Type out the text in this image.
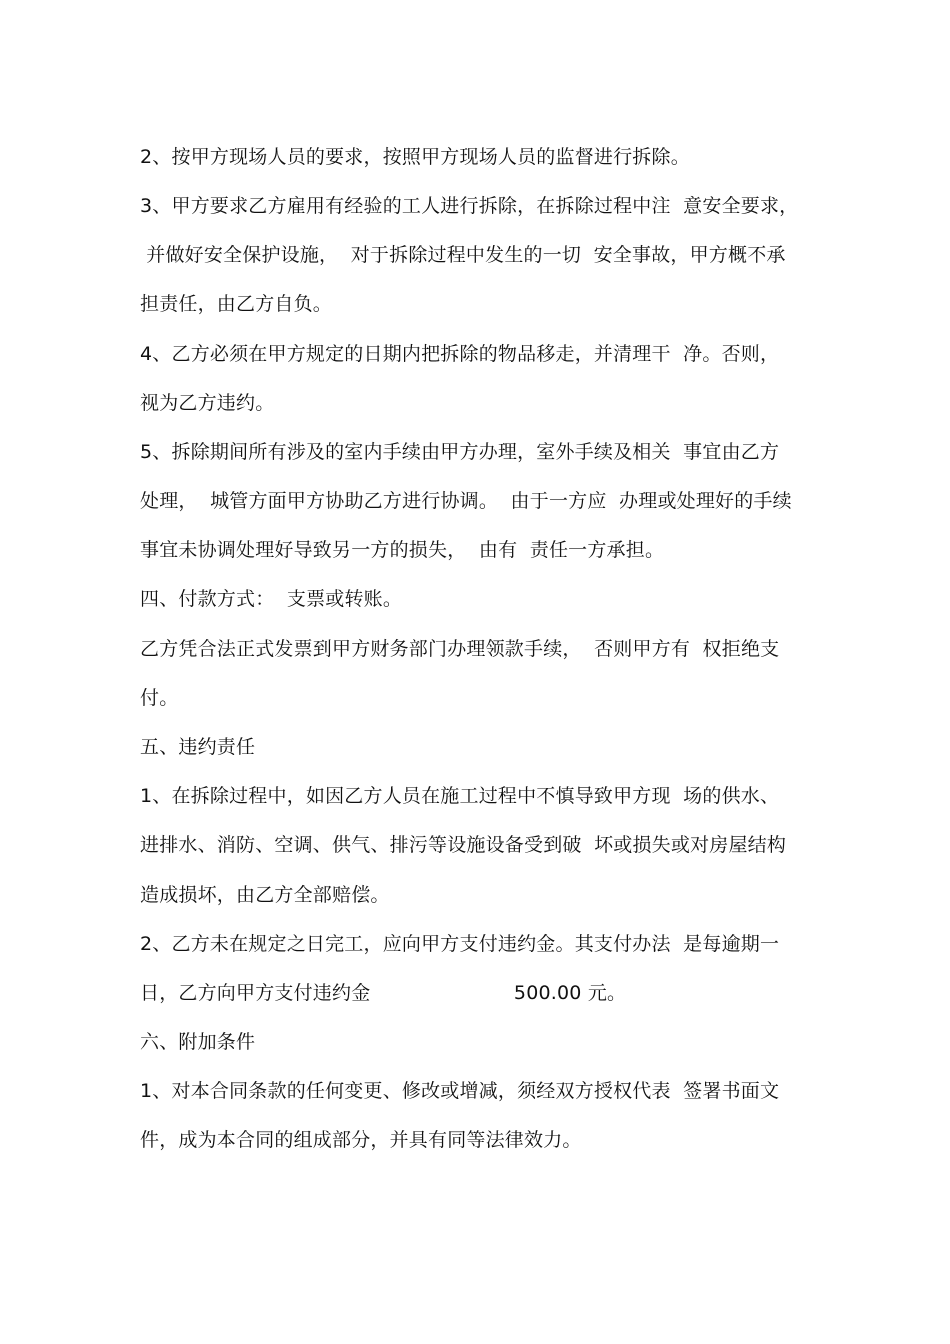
2、按甲方现场人员的要求，按照甲方现场人员的监督进行拆除。
3、甲方要求乙方雇用有经验的工人进行拆除，在拆除过程中注  意安全要求，
并做好安全保护设施，  对于拆除过程中发生的一切  安全事故，甲方概不承
担责任，由乙方自负。
4、乙方必须在甲方规定的日期内把拆除的物品移走，并清理干  净。否则，
视为乙方违约。
5、拆除期间所有涉及的室内手续由甲方办理，室外手续及相关  事宜由乙方
处理，  城管方面甲方协助乙方进行协调。  由于一方应  办理或处理好的手续
事宜未协调处理好导致另一方的损失，  由有  责任一方承担。
四、付款方式：  支票或转账。
乙方凭合法正式发票到甲方财务部门办理领款手续，  否则甲方有  权拒绝支
付。
五、违约责任
1、在拆除过程中，如因乙方人员在施工过程中不慎导致甲方现  场的供水、
进排水、消防、空调、供气、排污等设施设备受到破  坏或损失或对房屋结构
造成损坏，由乙方全部赔偿。
2、乙方未在规定之日完工，应向甲方支付违约金。其支付办法  是每逾期一
日，乙方向甲方支付违约金                       500.00 元。
六、附加条件
1、对本合同条款的任何变更、修改或增减，须经双方授权代表  签署书面文
件，成为本合同的组成部分，并具有同等法律效力。
